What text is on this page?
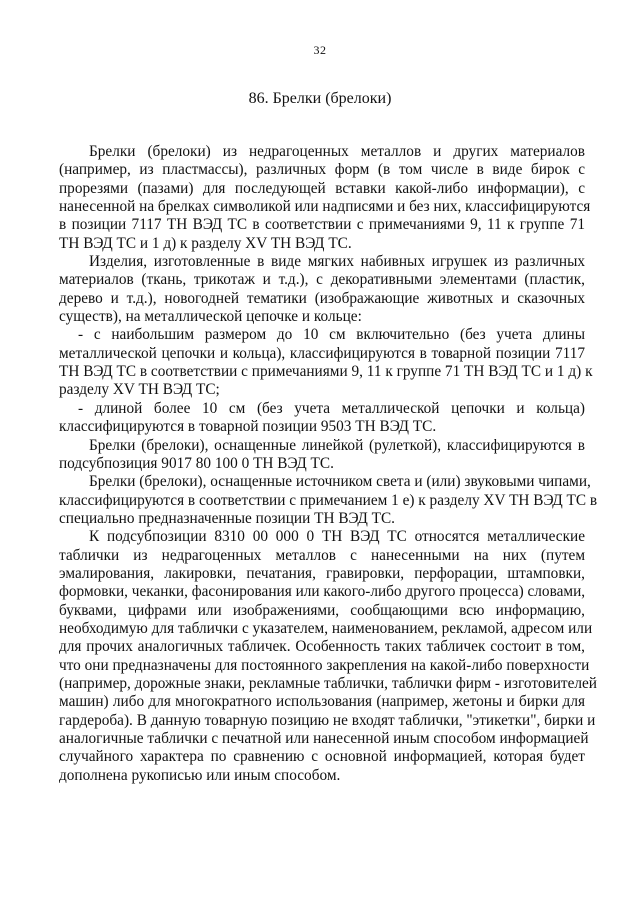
32
86. Брелки (брелоки)
Брелки (брелоки) из недрагоценных металлов и других материалов
(например, из пластмассы), различных форм (в том числе в виде бирок с
прорезями (пазами) для последующей вставки какой-либо информации), с
нанесенной на брелках символикой или надписями и без них, классифицируются
в позиции 7117 ТН ВЭД ТС в соответствии с примечаниями 9, 11 к группе 71
ТН ВЭД ТС и 1 д) к разделу XV ТН ВЭД ТС.
Изделия, изготовленные в виде мягких набивных игрушек из различных
материалов (ткань, трикотаж и т.д.), с декоративными элементами (пластик,
дерево и т.д.), новогодней тематики (изображающие животных и сказочных
существ), на металлической цепочке и кольце:
- с наибольшим размером до 10 см включительно (без учета длины
металлической цепочки и кольца), классифицируются в товарной позиции 7117
ТН ВЭД ТС в соответствии с примечаниями 9, 11 к группе 71 ТН ВЭД ТС и 1 д) к
разделу XV ТН ВЭД ТС;
- длиной более 10 см (без учета металлической цепочки и кольца)
классифицируются в товарной позиции 9503 ТН ВЭД ТС.
Брелки (брелоки), оснащенные линейкой (рулеткой), классифицируются в
подсубпозиция 9017 80 100 0 ТН ВЭД ТС.
Брелки (брелоки), оснащенные источником света и (или) звуковыми чипами,
классифицируются в соответствии с примечанием 1 е) к разделу XV ТН ВЭД ТС в
специально предназначенные позиции ТН ВЭД ТС.
К подсубпозиции 8310 00 000 0 ТН ВЭД ТС относятся металлические
таблички из недрагоценных металлов с нанесенными на них (путем
эмалирования, лакировки, печатания, гравировки, перфорации, штамповки,
формовки, чеканки, фасонирования или какого-либо другого процесса) словами,
буквами, цифрами или изображениями, сообщающими всю информацию,
необходимую для таблички с указателем, наименованием, рекламой, адресом или
для прочих аналогичных табличек. Особенность таких табличек состоит в том,
что они предназначены для постоянного закрепления на какой-либо поверхности
(например, дорожные знаки, рекламные таблички, таблички фирм - изготовителей
машин) либо для многократного использования (например, жетоны и бирки для
гардероба). В данную товарную позицию не входят таблички, "этикетки", бирки и
аналогичные таблички с печатной или нанесенной иным способом информацией
случайного характера по сравнению с основной информацией, которая будет
дополнена рукописью или иным способом.
